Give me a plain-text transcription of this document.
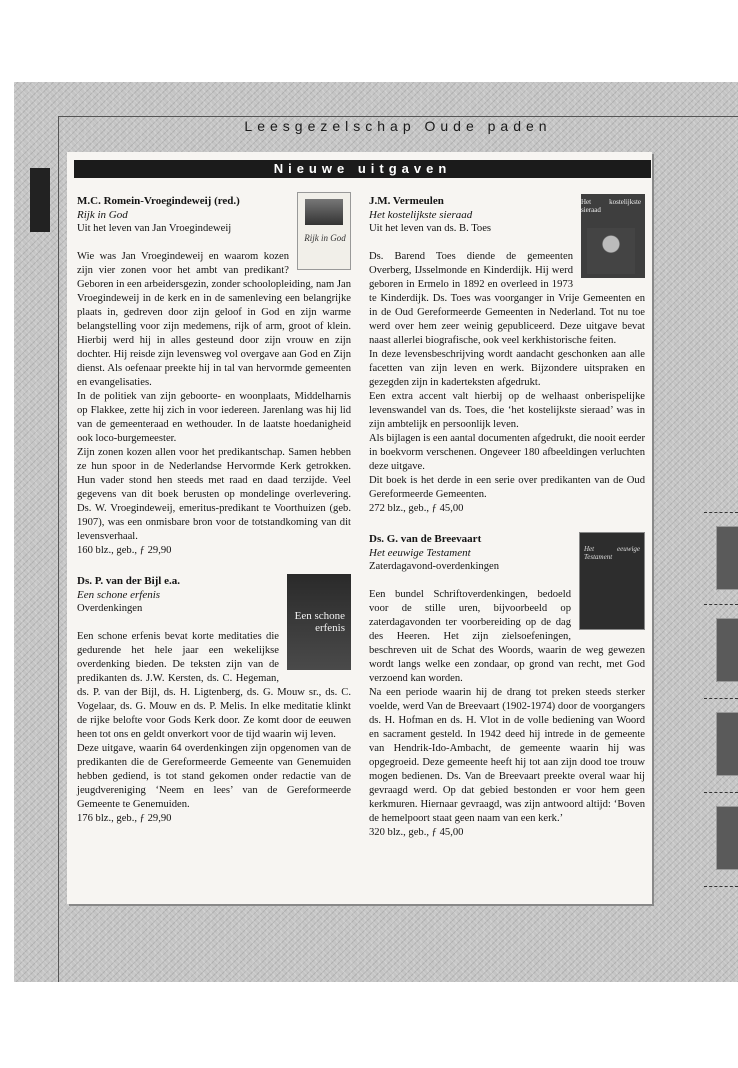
Leesgezelschap Oude paden
Nieuwe uitgaven
Rijk in God

M.C. Romein-Vroegindeweij (red.)

Rijk in God

Uit het leven van Jan Vroegindeweij

Wie was Jan Vroegindeweij en waarom kozen zijn vier zonen voor het ambt van predikant? Geboren in een arbeidersgezin, zonder schoolopleiding, nam Jan Vroegindeweij in de kerk en in de samenleving een belangrijke plaats in, gedreven door zijn geloof in God en zijn warme belangstelling voor zijn medemens, rijk of arm, groot of klein. Hierbij werd hij in alles gesteund door zijn vrouw en zijn dochter. Hij reisde zijn levensweg vol overgave aan God en Zijn dienst. Als oefenaar preekte hij in tal van hervormde gemeenten en evangelisaties.

In de politiek van zijn geboorte- en woonplaats, Middelharnis op Flakkee, zette hij zich in voor iedereen. Jarenlang was hij lid van de gemeenteraad en wethouder. In de laatste hoedanigheid ook loco-burgemeester.

Zijn zonen kozen allen voor het predikantschap. Samen hebben ze hun spoor in de Nederlandse Hervormde Kerk getrokken. Hun vader stond hen steeds met raad en daad terzijde. Veel gegevens van dit boek berusten op mondelinge overlevering. Ds. W. Vroegindeweij, emeritus-predikant te Voorthuizen (geb. 1907), was een onmisbare bron voor de totstandkoming van dit levensverhaal.

160 blz., geb., ƒ 29,90

Een schone erfenis

Ds. P. van der Bijl e.a.

Een schone erfenis

Overdenkingen

Een schone erfenis bevat korte meditaties die gedurende het hele jaar een wekelijkse overdenking bieden. De teksten zijn van de predikanten ds. J.W. Kersten, ds. C. Hegeman, ds. P. van der Bijl, ds. H. Ligtenberg, ds. G. Mouw sr., ds. C. Vogelaar, ds. G. Mouw en ds. P. Melis. In elke meditatie klinkt de rijke belofte voor Gods Kerk door. Ze komt door de eeuwen heen tot ons en geldt onverkort voor de tijd waarin wij leven.

Deze uitgave, waarin 64 overdenkingen zijn opgenomen van de predikanten die de Gereformeerde Gemeente van Genemuiden hebben gediend, is tot stand gekomen onder redactie van de jeugdvereniging ‘Neem en lees’ van de Gereformeerde Gemeente te Genemuiden.

176 blz., geb., ƒ 29,90

Het kostelijkste sieraad

J.M. Vermeulen

Het kostelijkste sieraad

Uit het leven van ds. B. Toes

Ds. Barend Toes diende de gemeenten Overberg, IJsselmonde en Kinderdijk. Hij werd geboren in Ermelo in 1892 en overleed in 1973 te Kinderdijk. Ds. Toes was voorganger in Vrije Gemeenten en in de Oud Gereformeerde Gemeenten in Nederland. Tot nu toe werd over hem zeer weinig gepubliceerd. Deze uitgave bevat naast allerlei biografische, ook veel kerkhistorische feiten.

In deze levensbeschrijving wordt aandacht geschonken aan alle facetten van zijn leven en werk. Bijzondere uitspraken en gezegden zijn in kaderteksten afgedrukt.

Een extra accent valt hierbij op de welhaast onberispelijke levenswandel van ds. Toes, die ‘het kostelijkste sieraad’ was in zijn ambtelijk en persoonlijk leven.

Als bijlagen is een aantal documenten afgedrukt, die nooit eerder in boekvorm verschenen. Ongeveer 180 afbeeldingen verluchten deze uitgave.

Dit boek is het derde in een serie over predikanten van de Oud Gereformeerde Gemeenten.

272 blz., geb., ƒ 45,00

Het eeuwige Testament

Ds. G. van de Breevaart

Het eeuwige Testament

Zaterdagavond-overdenkingen

Een bundel Schriftoverdenkingen, bedoeld voor de stille uren, bijvoorbeeld op zaterdagavonden ter voorbereiding op de dag des Heeren. Het zijn zielsoefeningen, beschreven uit de Schat des Woords, waarin de weg gewezen wordt langs welke een zondaar, op grond van recht, met God verzoend kan worden.

Na een periode waarin hij de drang tot preken steeds sterker voelde, werd Van de Breevaart (1902-1974) door de voorgangers ds. H. Hofman en ds. H. Vlot in de volle bediening van Woord en sacrament gesteld. In 1942 deed hij intrede in de gemeente van Hendrik-Ido-Ambacht, de gemeente waarin hij was opgegroeid. Deze gemeente heeft hij tot aan zijn dood toe trouw mogen bedienen. Ds. Van de Breevaart preekte overal waar hij gevraagd werd. Op dat gebied bestonden er voor hem geen kerkmuren. Hiernaar gevraagd, was zijn antwoord altijd: ‘Boven de hemelpoort staat geen naam van een kerk.’

320 blz., geb., ƒ 45,00
